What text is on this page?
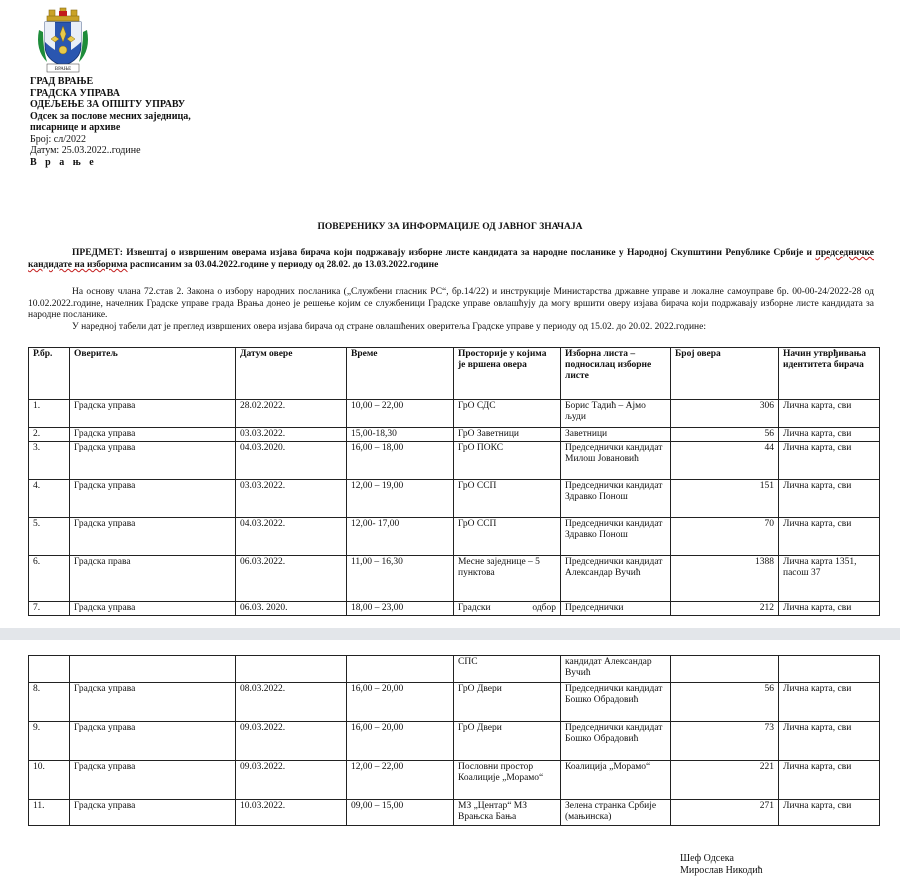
ВРАЊЕ
ГРАД ВРАЊЕ
ГРАДСКА УПРАВА
ОДЕЉЕЊЕ ЗА ОПШТУ УПРАВУ
Одсек за послове месних заједница,
писарнице и архиве
Број: сл/2022
Датум: 25.03.2022..године
В р а њ е
ПОВЕРЕНИКУ ЗА ИНФОРМАЦИЈЕ ОД ЈАВНОГ ЗНАЧАЈА
ПРЕДМЕТ: Извештај о извршеним оверама изјава бирача који подржавају изборне листе кандидата за народне посланике у Народној Скупштини Републике Србије и председничке кандидате на изборима расписаним за 03.04.2022.године у периоду од 28.02. до 13.03.2022.године
На основу члана 72.став 2. Закона о избору народних посланика („Службени гласник РС“, бр.14/22) и инструкције Министарства државне управе и локалне самоуправе бр. 00-00-24/2022-28 од 10.02.2022.године, начелник Градске управе града Врања донео је решење којим се службеници Градске управе овлашћују да могу вршити оверу изјава бирача који подржавају изборне листе кандидата за народне посланике.
У наредној табели дат је преглед извршених овера изјава бирача од стране овлашћених оверитеља Градске управе у периоду од 15.02. до 20.02. 2022.године:
Р.бр.	Оверитељ	Датум овере	Време	Просторије у којима је вршена овера	Изборна листа – подносилац изборне листе	Број овера	Начин утврђивања идентитета бирача
1.	Градска управа	28.02.2022.	10,00 – 22,00	ГрО СДС	Борис Тадић – Ајмо људи	306	Лична карта, сви
2.	Градска управа	03.03.2022.	15,00-18,30	ГрО Заветници	Заветници	56	Лична карта, сви
3.	Градска управа	04.03.2020.	16,00 – 18,00	ГрО ПОКС	Председнички кандидат Милош Јовановић	44	Лична карта, сви
4.	Градска управа	03.03.2022.	12,00 – 19,00	ГрО ССП	Председнички кандидат Здравко Понош	151	Лична карта, сви
5.	Градска управа	04.03.2022.	12,00- 17,00	ГрО ССП	Председнички кандидат Здравко Понош	70	Лична карта, сви
6.	Градска права	06.03.2022.	11,00 – 16,30	Месне заједнице – 5 пунктова	Председнички кандидат Александар Вучић	1388	Лична карта 1351, пасош 37
7.	Градска управа	06.03. 2020.	18,00 – 23,00	Градски одбор	Председнички	212	Лична карта, сви
				СПС	кандидат Александар Вучић		
8.	Градска управа	08.03.2022.	16,00 – 20,00	ГрО Двери	Председнички кандидат Бошко Обрадовић	56	Лична карта, сви
9.	Градска управа	09.03.2022.	16,00 – 20,00	ГрО Двери	Председнички кандидат Бошко Обрадовић	73	Лична карта, сви
10.	Градска управа	09.03.2022.	12,00 – 22,00	Пословни простор Коалиције „Морамо“	Коалиција „Морамо“	221	Лична карта, сви
11.	Градска управа	10.03.2022.	09,00 – 15,00	МЗ „Центар“ МЗ Врањска Бања	Зелена странка Србије (мањинска)	271	Лична карта, сви
Шеф Одсека
Мирослав Никодић
